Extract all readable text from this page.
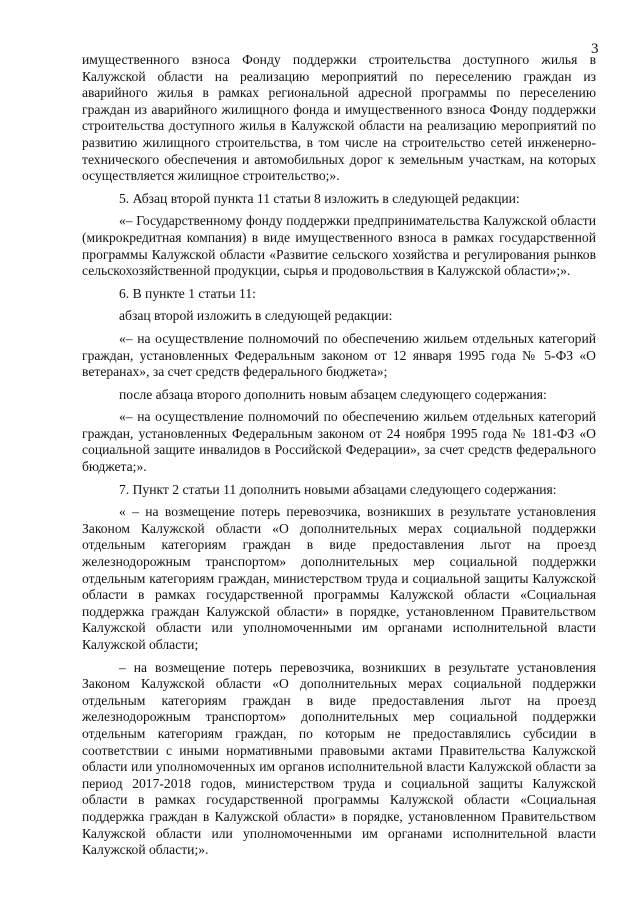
3

имущественного взноса Фонду поддержки строительства доступного жилья в Калужской области на реализацию мероприятий по переселению граждан из аварийного жилья в рамках региональной адресной программы по переселению граждан из аварийного жилищного фонда и имущественного взноса Фонду поддержки строительства доступного жилья в Калужской области на реализацию мероприятий по развитию жилищного строительства, в том числе на строительство сетей инженерно-технического обеспечения и автомобильных дорог к земельным участкам, на которых осуществляется жилищное строительство;».

5. Абзац второй пункта 11 статьи 8 изложить в следующей редакции:

«– Государственному фонду поддержки предпринимательства Калужской области (микрокредитная компания) в виде имущественного взноса в рамках государственной программы Калужской области «Развитие сельского хозяйства и регулирования рынков сельскохозяйственной продукции, сырья и продовольствия в Калужской области»;».

6. В пункте 1 статьи 11:

абзац второй изложить в следующей редакции:

«– на осуществление полномочий по обеспечению жильем отдельных категорий граждан, установленных Федеральным законом от 12 января 1995 года № 5-ФЗ «О ветеранах», за счет средств федерального бюджета»;

после абзаца второго дополнить новым абзацем следующего содержания:

«– на осуществление полномочий по обеспечению жильем отдельных категорий граждан, установленных Федеральным законом от 24 ноября 1995 года № 181-ФЗ «О социальной защите инвалидов в Российской Федерации», за счет средств федерального бюджета;».

7. Пункт 2 статьи 11 дополнить новыми абзацами следующего содержания:

« – на возмещение потерь перевозчика, возникших в результате установления Законом Калужской области «О дополнительных мерах социальной поддержки отдельным категориям граждан в виде предоставления льгот на проезд железнодорожным транспортом» дополнительных мер социальной поддержки отдельным категориям граждан, министерством труда и социальной защиты Калужской области в рамках государственной программы Калужской области «Социальная поддержка граждан Калужской области» в порядке, установленном Правительством Калужской области или уполномоченными им органами исполнительной власти Калужской области;

– на возмещение потерь перевозчика, возникших в результате установления Законом Калужской области «О дополнительных мерах социальной поддержки отдельным категориям граждан в виде предоставления льгот на проезд железнодорожным транспортом» дополнительных мер социальной поддержки отдельным категориям граждан, по которым не предоставлялись субсидии в соответствии с иными нормативными правовыми актами Правительства Калужской области или уполномоченных им органов исполнительной власти Калужской области за период 2017-2018 годов, министерством труда и социальной защиты Калужской области в рамках государственной программы Калужской области «Социальная поддержка граждан в Калужской области» в порядке, установленном Правительством Калужской области или уполномоченными им органами исполнительной власти Калужской области;».
